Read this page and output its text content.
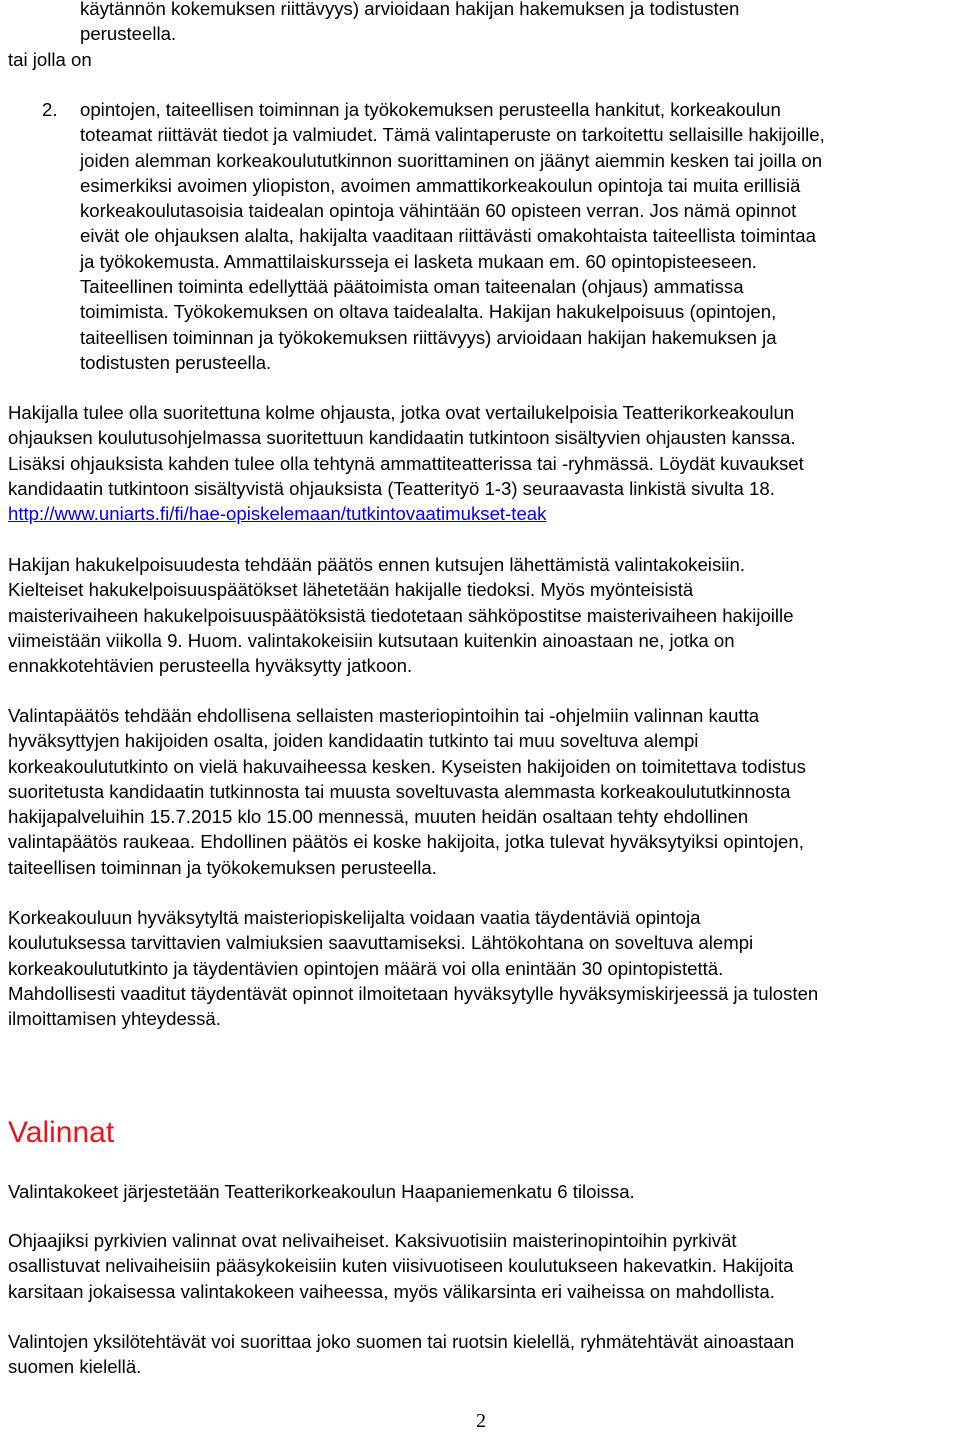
käytännön kokemuksen riittävyys) arvioidaan hakijan hakemuksen ja todistusten
perusteella.
tai jolla on
2. opintojen, taiteellisen toiminnan ja työkokemuksen perusteella hankitut, korkeakoulun
toteamat riittävät tiedot ja valmiudet. Tämä valintaperuste on tarkoitettu sellaisille hakijoille,
joiden alemman korkeakoulututkinnon suorittaminen on jäänyt aiemmin kesken tai joilla on
esimerkiksi avoimen yliopiston, avoimen ammattikorkeakoulun opintoja tai muita erillisiä
korkeakoulutasoisia taidealan opintoja vähintään 60 opisteen verran. Jos nämä opinnot
eivät ole ohjauksen alalta, hakijalta vaaditaan riittävästi omakohtaista taiteellista toimintaa
ja työkokemusta. Ammattilaiskursseja ei lasketa mukaan em. 60 opintopisteeseen.
Taiteellinen toiminta edellyttää päätoimista oman taiteenalan (ohjaus) ammatissa
toimimista. Työkokemuksen on oltava taidealalta. Hakijan hakukelpoisuus (opintojen,
taiteellisen toiminnan ja työkokemuksen riittävyys) arvioidaan hakijan hakemuksen ja
todistusten perusteella.
Hakijalla tulee olla suoritettuna kolme ohjausta, jotka ovat vertailukelpoisia Teatterikorkeakoulun
ohjauksen koulutusohjelmassa suoritettuun kandidaatin tutkintoon sisältyvien ohjausten kanssa.
Lisäksi ohjauksista kahden tulee olla tehtynä ammattiteatterissa tai -ryhmässä. Löydät kuvaukset
kandidaatin tutkintoon sisältyvistä ohjauksista (Teatterityö 1-3) seuraavasta linkistä sivulta 18.
http://www.uniarts.fi/fi/hae-opiskelemaan/tutkintovaatimukset-teak
Hakijan hakukelpoisuudesta tehdään päätös ennen kutsujen lähettämistä valintakokeisiin.
Kielteiset hakukelpoisuuspäätökset lähetetään hakijalle tiedoksi. Myös myönteisistä
maisterivaiheen hakukelpoisuuspäätöksistä tiedotetaan sähköpostitse maisterivaiheen hakijoille
viimeistään viikolla 9. Huom. valintakokeisiin kutsutaan kuitenkin ainoastaan ne, jotka on
ennakkotehtävien perusteella hyväksytty jatkoon.
Valintapäätös tehdään ehdollisena sellaisten masteriopintoihin tai -ohjelmiin valinnan kautta
hyväksyttyjen hakijoiden osalta, joiden kandidaatin tutkinto tai muu soveltuva alempi
korkeakoulututkinto on vielä hakuvaiheessa kesken. Kyseisten hakijoiden on toimitettava todistus
suoritetusta kandidaatin tutkinnosta tai muusta soveltuvasta alemmasta korkeakoulututkinnosta
hakijapalveluihin 15.7.2015 klo 15.00 mennessä, muuten heidän osaltaan tehty ehdollinen
valintapäätös raukeaa. Ehdollinen päätös ei koske hakijoita, jotka tulevat hyväksytyiksi opintojen,
taiteellisen toiminnan ja työkokemuksen perusteella.
Korkeakouluun hyväksytyltä maisteriopiskelijalta voidaan vaatia täydentäviä opintoja
koulutuksessa tarvittavien valmiuksien saavuttamiseksi. Lähtökohtana on soveltuva alempi
korkeakoulututkinto ja täydentävien opintojen määrä voi olla enintään 30 opintopistettä.
Mahdollisesti vaaditut täydentävät opinnot ilmoitetaan hyväksytylle hyväksymiskirjeessä ja tulosten
ilmoittamisen yhteydessä.
Valinnat
Valintakokeet järjestetään Teatterikorkeakoulun Haapaniemenkatu 6 tiloissa.
Ohjaajiksi pyrkivien valinnat ovat nelivaiheiset. Kaksivuotisiin maisterinopintoihin pyrkivät
osallistuvat nelivaiheisiin pääsykokeisiin kuten viisivuotiseen koulutukseen hakevatkin. Hakijoita
karsitaan jokaisessa valintakokeen vaiheessa, myös välikarsinta eri vaiheissa on mahdollista.
Valintojen yksilötehtävät voi suorittaa joko suomen tai ruotsin kielellä, ryhmätehtävät ainoastaan
suomen kielellä.
2
